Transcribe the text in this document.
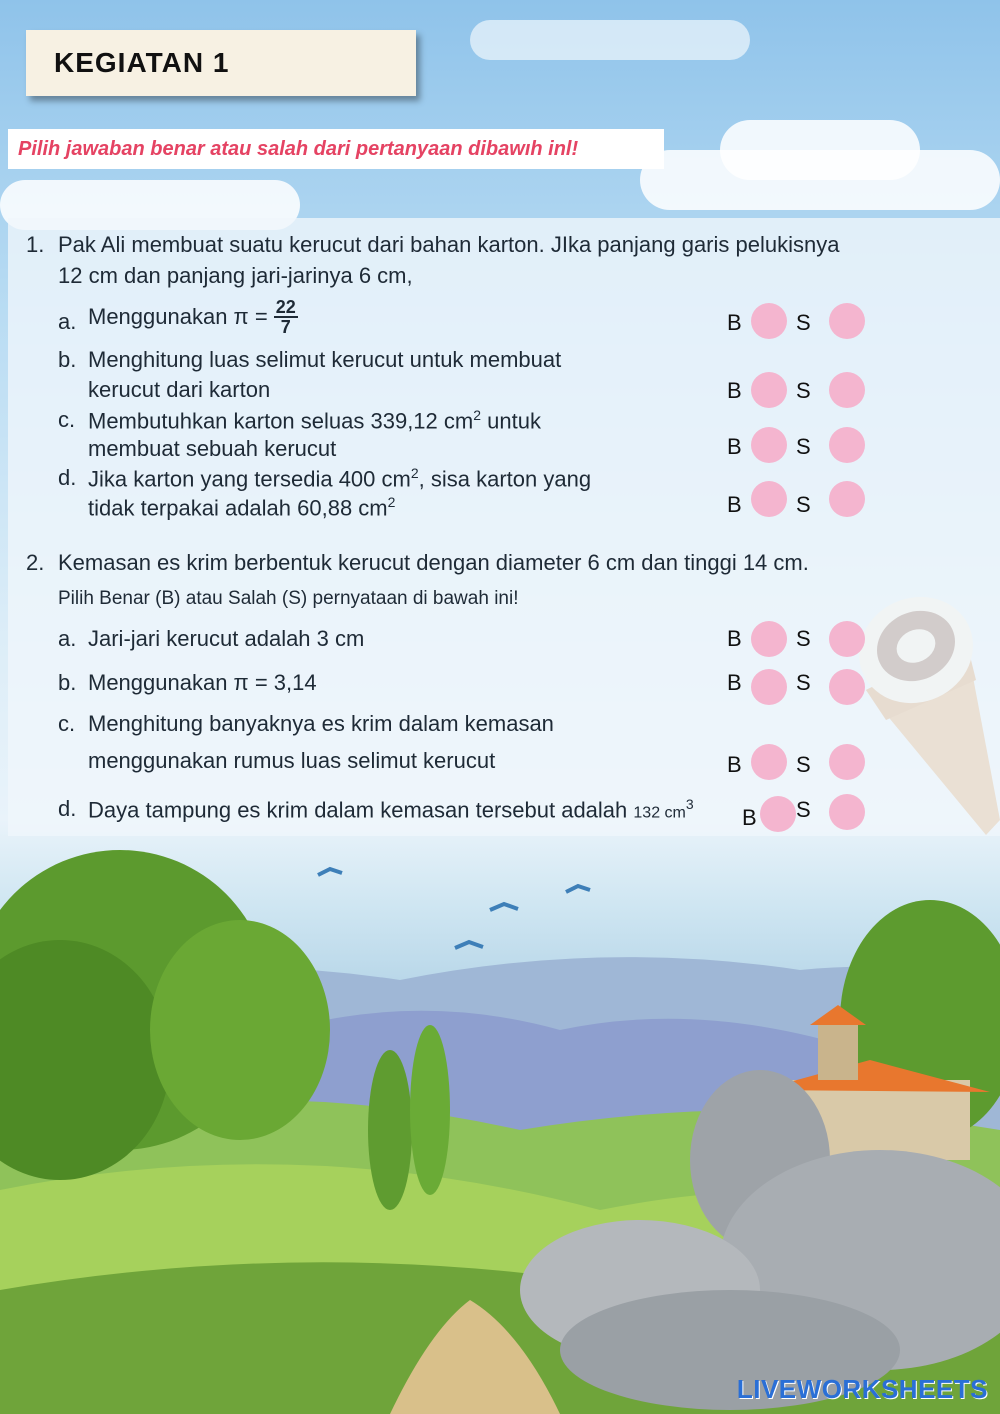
KEGIATAN 1
Pilih jawaban benar atau salah dari pertanyaan dibawıh inl!
1. Pak Ali membuat suatu kerucut dari bahan karton. JIka panjang garis pelukisnya
12 cm dan panjang jari-jarinya 6 cm,
a. Menggunakan $\pi = \frac{22}{7}$
b. Menghitung luas selimut kerucut untuk membuat
kerucut dari karton
c. Membutuhkan karton seluas 339,12 $cm^2$ untuk
membuat sebuah kerucut
d. Jika karton yang tersedia 400 $cm^2$, sisa karton yang
tidak terpakai adalah 60,88 $cm^2$
B S
B S
B S
B S
2. Kemasan es krim berbentuk kerucut dengan diameter 6 cm dan tinggi 14 cm.
Pilih Benar (B) atau Salah (S) pernyataan di bawah ini!
a. Jari-jari kerucut adalah 3 cm
b. Menggunakan π = 3,14
c. Menghitung banyaknya es krim dalam kemasan
menggunakan rumus luas selimut kerucut
d. Daya tampung es krim dalam kemasan tersebut adalah 132 $cm^3$
B S
B S
B S
B S
LIVEWORKSHEETS
